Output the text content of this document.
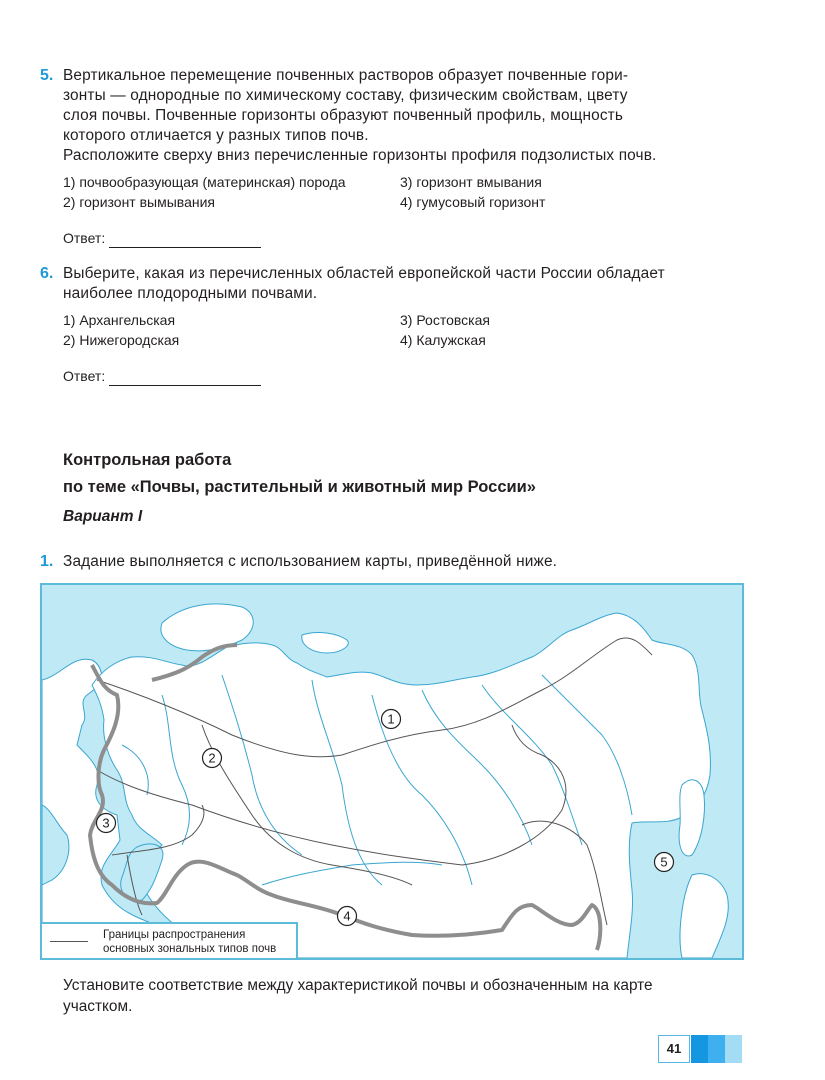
5. Вертикальное перемещение почвенных растворов образует почвенные гори-

зонты — однородные по химическому составу, физическим свойствам, цвету

слоя почвы. Почвенные горизонты образуют почвенный профиль, мощность

которого отличается у разных типов почв.

Расположите сверху вниз перечисленные горизонты профиля подзолистых почв.

1) почвообразующая (материнская) порода
2) горизонт вымывания
3) горизонт вмывания
4) гумусовый горизонт
Ответ:
6. Выберите, какая из перечисленных областей европейской части России обладает

наиболее плодородными почвами.

1) Архангельская
2) Нижегородская
3) Ростовская
4) Калужская
Ответ:
Контрольная работа
по теме «Почвы, растительный и животный мир России»
Вариант I
1. Задание выполняется с использованием карты, приведённой ниже.

1
2
3
4
5
Границы распространения
основных зональных типов почв
Установите соответствие между характеристикой почвы и обозначенным на карте участком.
41
